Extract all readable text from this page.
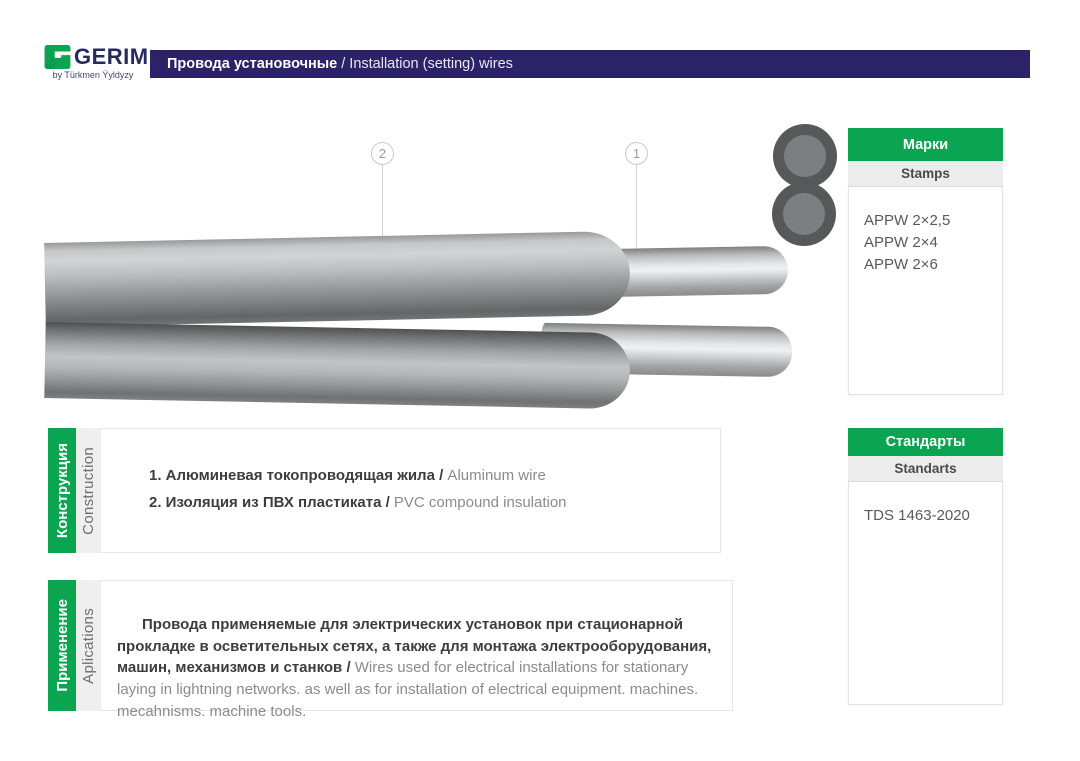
GERIM
by Türkmen Ýyldyzy
Провода установочные / Installation (setting) wires
2	1
Марки
Stamps
APPW 2×2,5
APPW 2×4
APPW 2×6
Стандарты
Standarts
TDS 1463-2020
Конструкция Construction	1. Алюминевая токопроводящая жила / Aluminum wire
2. Изоляция из ПВХ пластиката / PVC compound insulation
Применение Aplications	Провода применяемые для электрических установок при стационарной прокладке в осветительных сетях, а также для монтажа электрооборудования, машин, механизмов и станков / Wires used for electrical installations for stationary laying in lightning networks. as well as for installation of electrical equipment. machines. mecahnisms. machine tools.
